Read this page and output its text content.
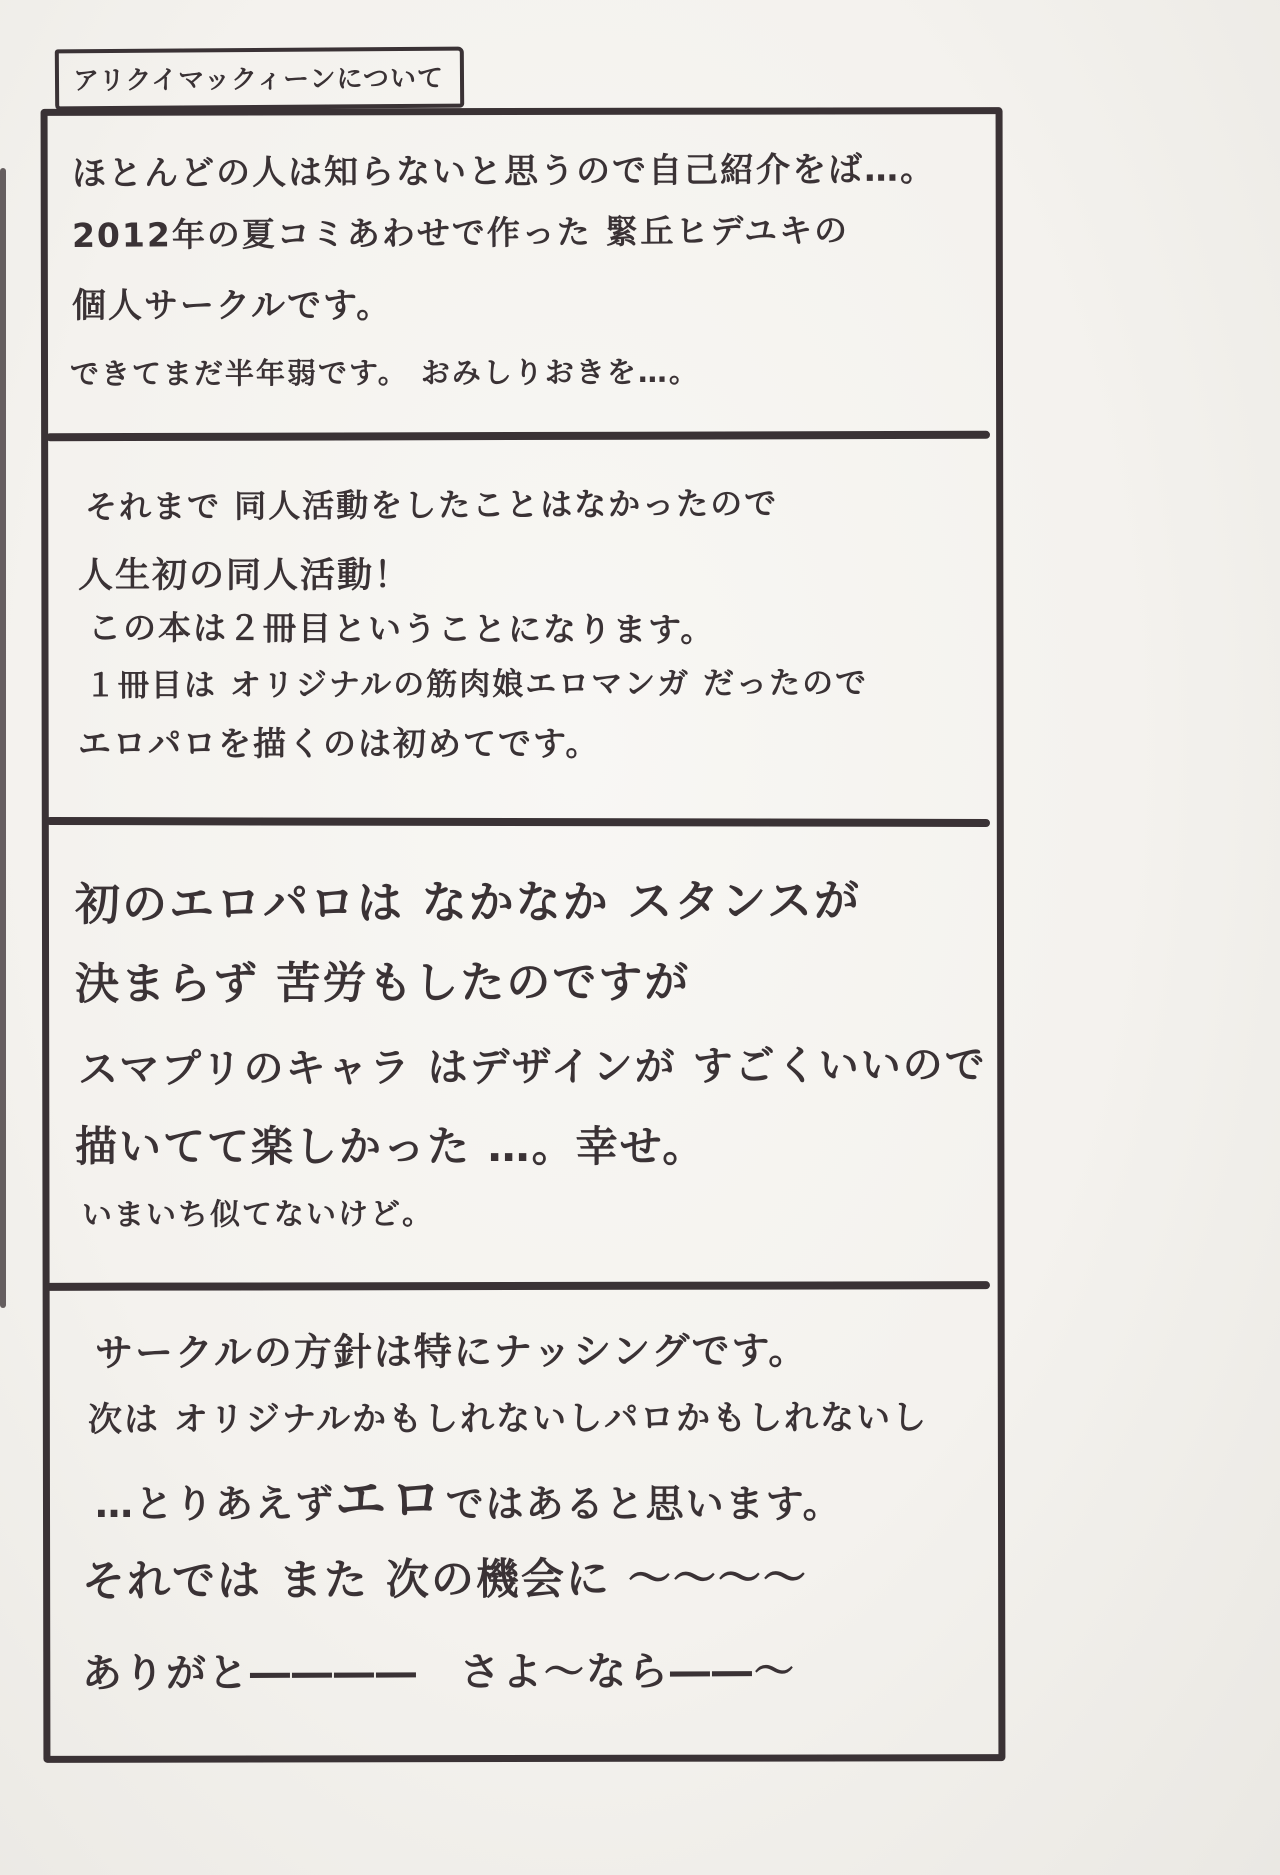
アリクイマックィーンについて
ほとんどの人は知らないと思うので自己紹介をば…。
2012年の夏コミあわせで作った 緊丘ヒデユキの
個人サークルです。
できてまだ半年弱です。 おみしりおきを…。
それまで 同人活動をしたことはなかったので
人生初の同人活動！
この本は２冊目ということになります。
１冊目は オリジナルの筋肉娘エロマンガ だったので
エロパロを描くのは初めてです。
初のエロパロは なかなか スタンスが
決まらず 苦労もしたのですが
スマプリのキャラ はデザインが すごくいいので
描いてて楽しかった …。幸せ。
いまいち似てないけど。
サークルの方針は特にナッシングです。
次は オリジナルかもしれないしパロかもしれないし
…とりあえずエロではあると思います。
それでは また 次の機会に 〜〜〜〜
ありがと――――　さよ〜なら――〜
